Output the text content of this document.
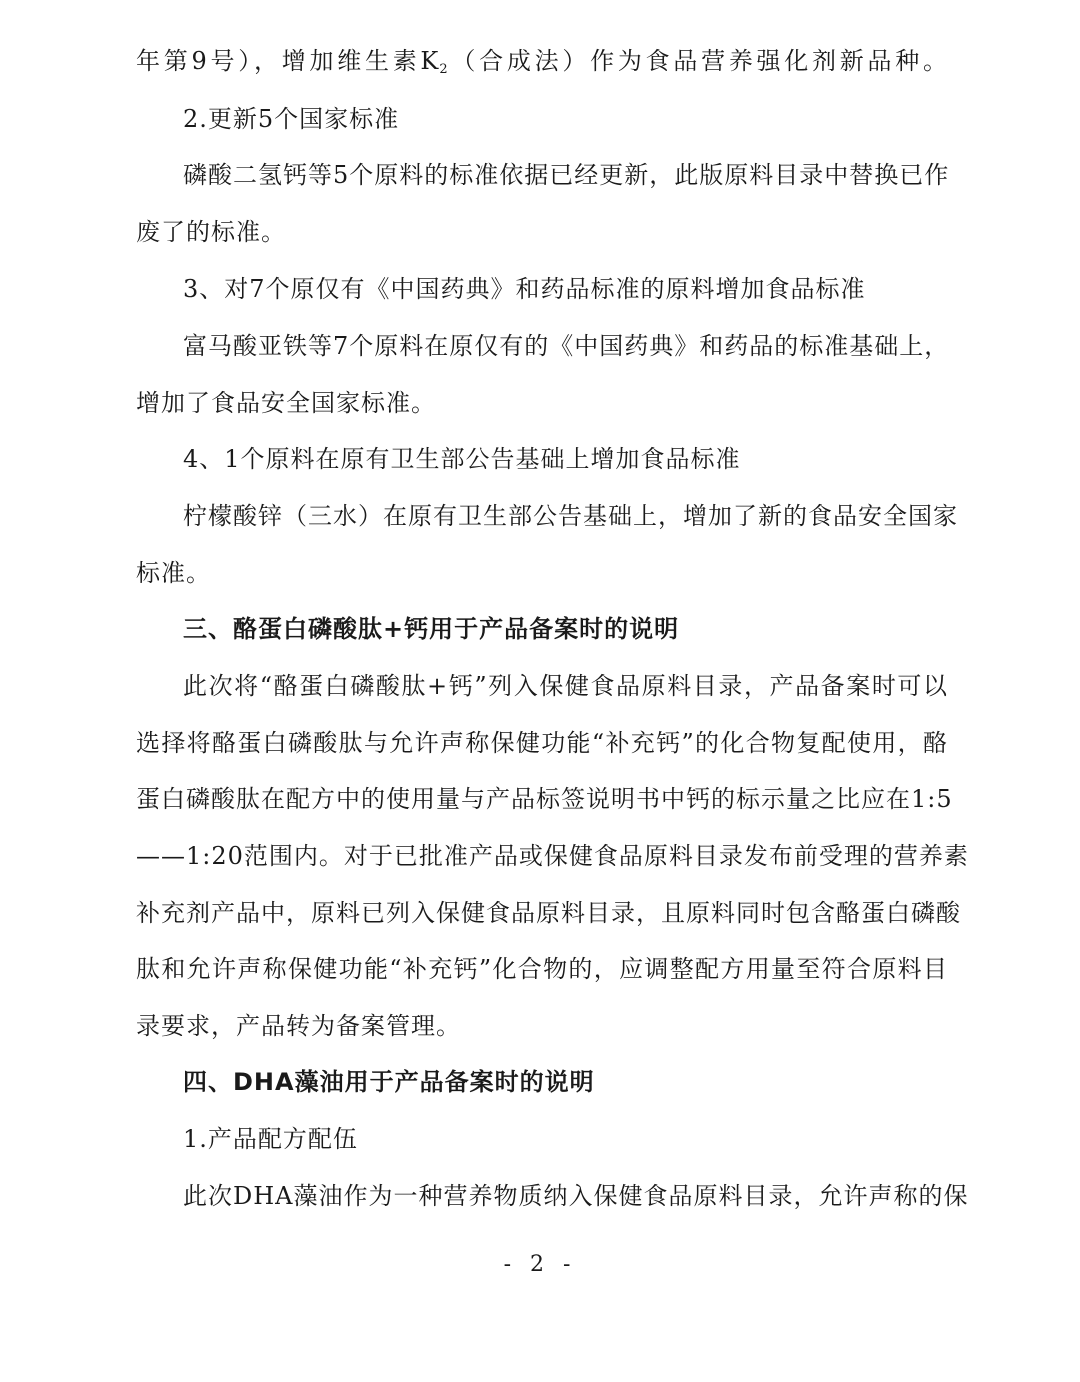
年第9号），增加维生素$K_2$（合成法）作为食品营养强化剂新品种。
2.更新5个国家标准
磷酸二氢钙等5个原料的标准依据已经更新，此版原料目录中替换已作
废了的标准。
3、对7个原仅有《中国药典》和药品标准的原料增加食品标准
富马酸亚铁等7个原料在原仅有的《中国药典》和药品的标准基础上，
增加了食品安全国家标准。
4、1个原料在原有卫生部公告基础上增加食品标准
柠檬酸锌（三水）在原有卫生部公告基础上，增加了新的食品安全国家
标准。
三、酪蛋白磷酸肽+钙用于产品备案时的说明
此次将“酪蛋白磷酸肽+钙”列入保健食品原料目录，产品备案时可以
选择将酪蛋白磷酸肽与允许声称保健功能“补充钙”的化合物复配使用，酪
蛋白磷酸肽在配方中的使用量与产品标签说明书中钙的标示量之比应在1:5
——1:20范围内。对于已批准产品或保健食品原料目录发布前受理的营养素
补充剂产品中，原料已列入保健食品原料目录，且原料同时包含酪蛋白磷酸
肽和允许声称保健功能“补充钙”化合物的，应调整配方用量至符合原料目
录要求，产品转为备案管理。
四、DHA藻油用于产品备案时的说明
1.产品配方配伍
此次DHA藻油作为一种营养物质纳入保健食品原料目录，允许声称的保
- 2 -
